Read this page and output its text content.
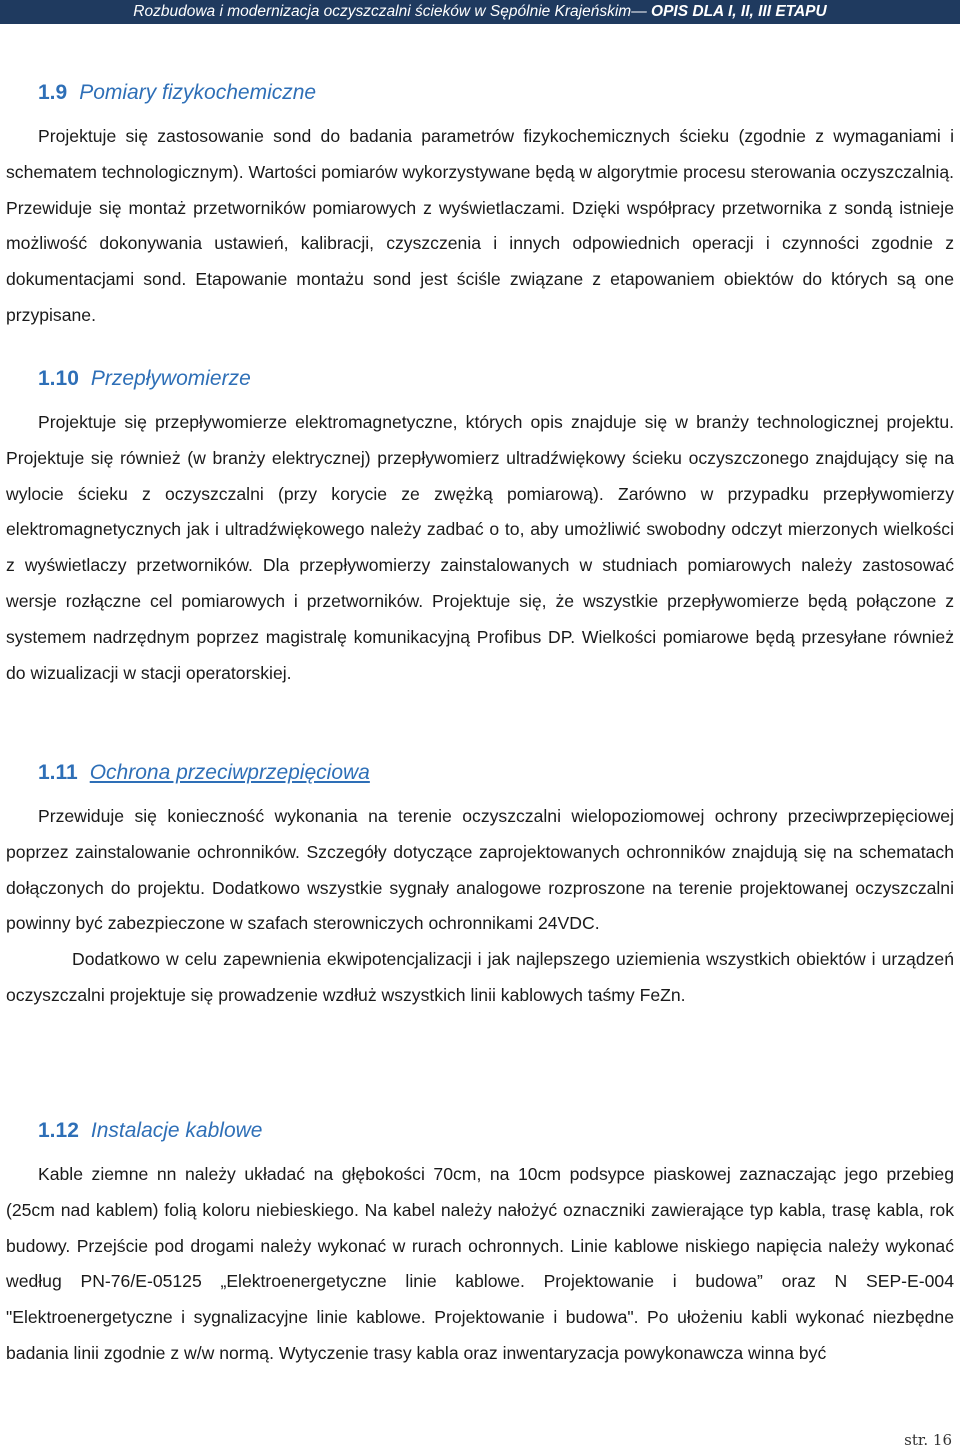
Rozbudowa i modernizacja oczyszczalni ścieków w Sępólnie Krajeńskim— OPIS DLA I, II, III ETAPU
1.9 Pomiary fizykochemiczne

Projektuje się zastosowanie sond do badania parametrów fizykochemicznych ścieku (zgodnie z wymaganiami i schematem technologicznym). Wartości pomiarów wykorzystywane będą w algorytmie procesu sterowania oczyszczalnią. Przewiduje się montaż przetworników pomiarowych z wyświetlaczami. Dzięki współpracy przetwornika z sondą istnieje możliwość dokonywania ustawień, kalibracji, czyszczenia i innych odpowiednich operacji i czynności zgodnie z dokumentacjami sond. Etapowanie montażu sond jest ściśle związane z etapowaniem obiektów do których są one przypisane.

1.10 Przepływomierze

Projektuje się przepływomierze elektromagnetyczne, których opis znajduje się w branży technologicznej projektu. Projektuje się również (w branży elektrycznej) przepływomierz ultradźwiękowy ścieku oczyszczonego znajdujący się na wylocie ścieku z oczyszczalni (przy korycie ze zwężką pomiarową). Zarówno w przypadku przepływomierzy elektromagnetycznych jak i ultradźwiękowego należy zadbać o to, aby umożliwić swobodny odczyt mierzonych wielkości z wyświetlaczy przetworników. Dla przepływomierzy zainstalowanych w studniach pomiarowych należy zastosować wersje rozłączne cel pomiarowych i przetworników. Projektuje się, że wszystkie przepływomierze będą połączone z systemem nadrzędnym poprzez magistralę komunikacyjną Profibus DP. Wielkości pomiarowe będą przesyłane również do wizualizacji w stacji operatorskiej.

1.11 Ochrona przeciwprzepięciowa

Przewiduje się konieczność wykonania na terenie oczyszczalni wielopoziomowej ochrony przeciwprzepięciowej poprzez zainstalowanie ochronników. Szczegóły dotyczące zaprojektowanych ochronników znajdują się na schematach dołączonych do projektu. Dodatkowo wszystkie sygnały analogowe rozproszone na terenie projektowanej oczyszczalni powinny być zabezpieczone w szafach sterowniczych ochronnikami 24VDC.

Dodatkowo w celu zapewnienia ekwipotencjalizacji i jak najlepszego uziemienia wszystkich obiektów i urządzeń oczyszczalni projektuje się prowadzenie wzdłuż wszystkich linii kablowych taśmy FeZn.

1.12 Instalacje kablowe

Kable ziemne nn należy układać na głębokości 70cm, na 10cm podsypce piaskowej zaznaczając jego przebieg (25cm nad kablem) folią koloru niebieskiego. Na kabel należy nałożyć oznaczniki zawierające typ kabla, trasę kabla, rok budowy. Przejście pod drogami należy wykonać w rurach ochronnych. Linie kablowe niskiego napięcia należy wykonać według PN-76/E-05125 „Elektroenergetyczne linie kablowe. Projektowanie i budowa” oraz N SEP-E-004 "Elektroenergetyczne i sygnalizacyjne linie kablowe. Projektowanie i budowa". Po ułożeniu kabli wykonać niezbędne badania linii zgodnie z w/w normą. Wytyczenie trasy kabla oraz inwentaryzacja powykonawcza winna być

str. 16
